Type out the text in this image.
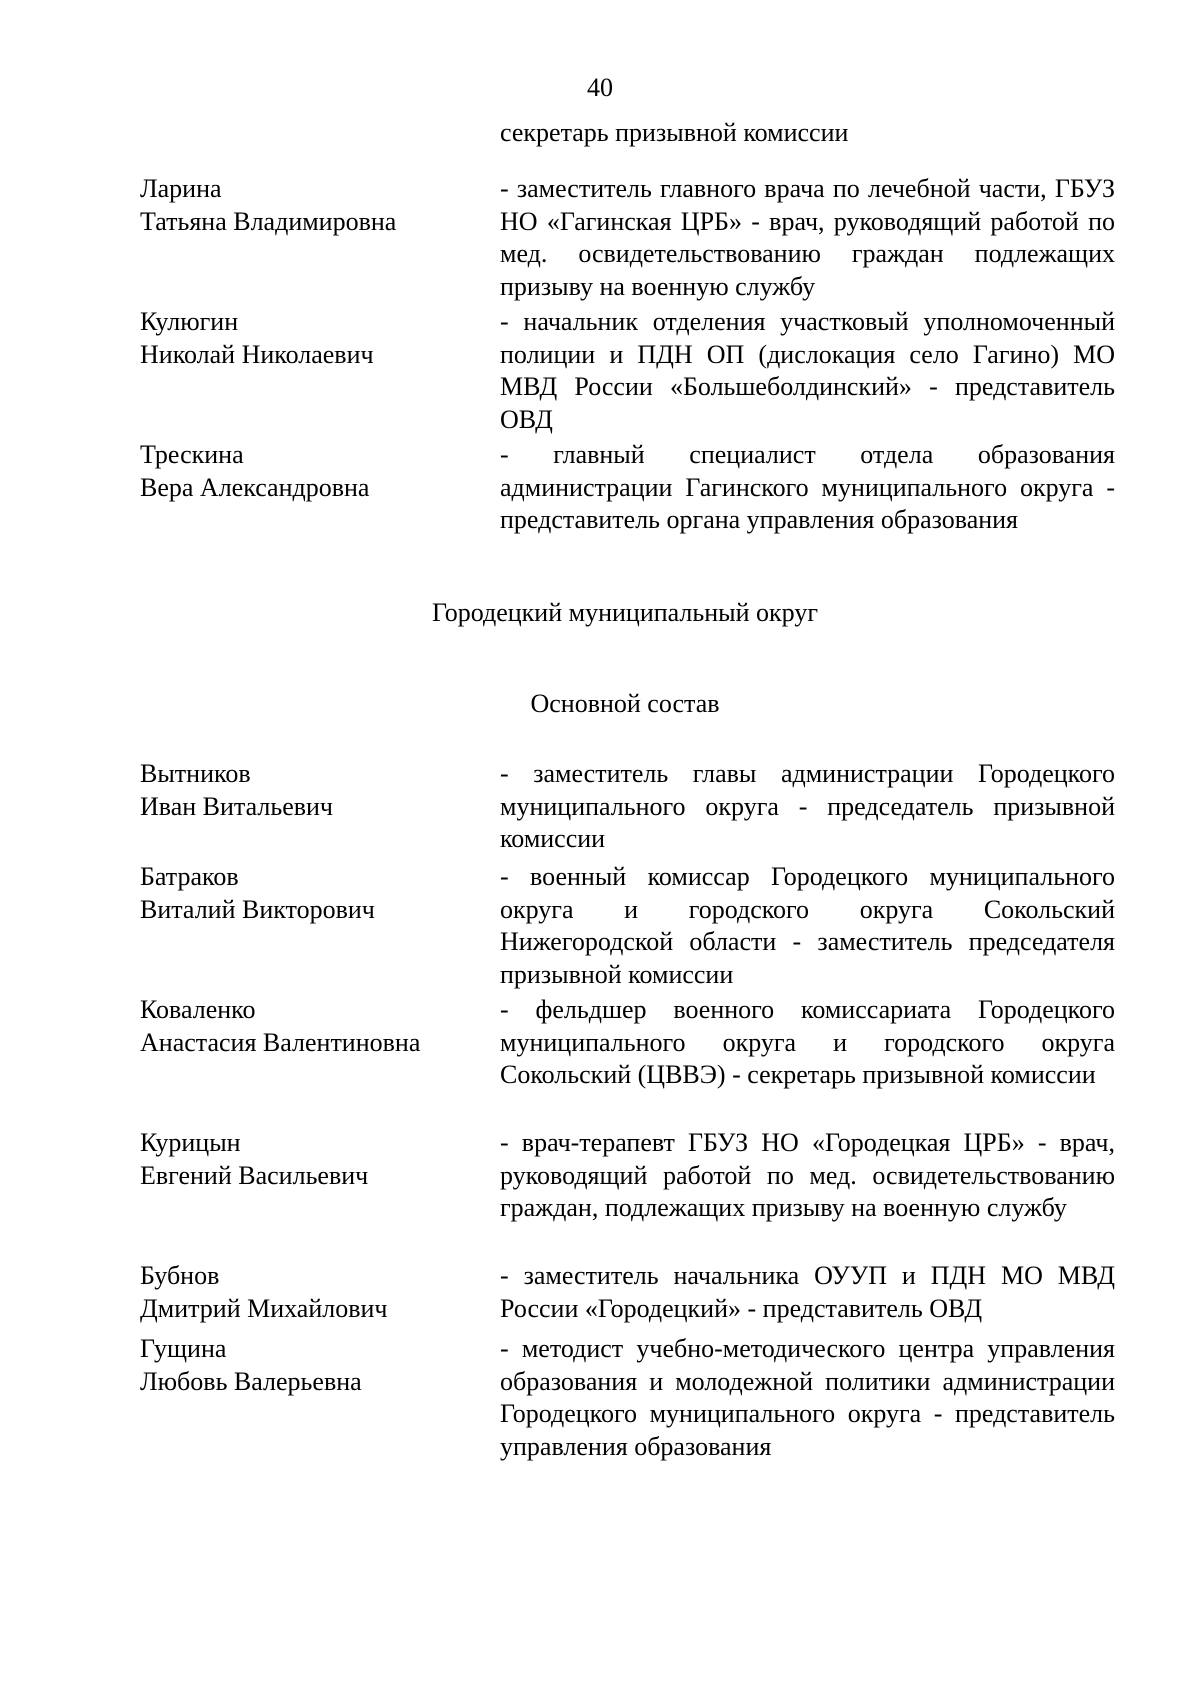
40
секретарь призывной комиссии
Ларина
Татьяна Владимировна
- заместитель главного врача по лечебной части, ГБУЗ НО «Гагинская ЦРБ» - врач, руководящий работой по мед. освидетельствованию граждан подлежащих призыву на военную службу
Кулюгин
Николай Николаевич
- начальник отделения участковый уполномоченный полиции и ПДН ОП (дислокация село Гагино) МО МВД России «Большеболдинский» - представитель ОВД
Трескина
Вера Александровна
- главный специалист отдела образования администрации Гагинского муниципального округа - представитель органа управления образования
Городецкий муниципальный округ
Основной состав
Вытников
Иван Витальевич
- заместитель главы администрации Городецкого муниципального округа - председатель призывной комиссии
Батраков
Виталий Викторович
- военный комиссар Городецкого муниципального округа и городского округа Сокольский Нижегородской области - заместитель председателя призывной комиссии
Коваленко
Анастасия Валентиновна
- фельдшер военного комиссариата Городецкого муниципального округа и городского округа Сокольский (ЦВВЭ) - секретарь призывной комиссии
Курицын
Евгений Васильевич
- врач-терапевт ГБУЗ НО «Городецкая ЦРБ» - врач, руководящий работой по мед. освидетельствованию граждан, подлежащих призыву на военную службу
Бубнов
Дмитрий Михайлович
- заместитель начальника ОУУП и ПДН МО МВД России «Городецкий» - представитель ОВД
Гущина
Любовь Валерьевна
- методист учебно-методического центра управления образования и молодежной политики администрации Городецкого муниципального округа - представитель управления образования
